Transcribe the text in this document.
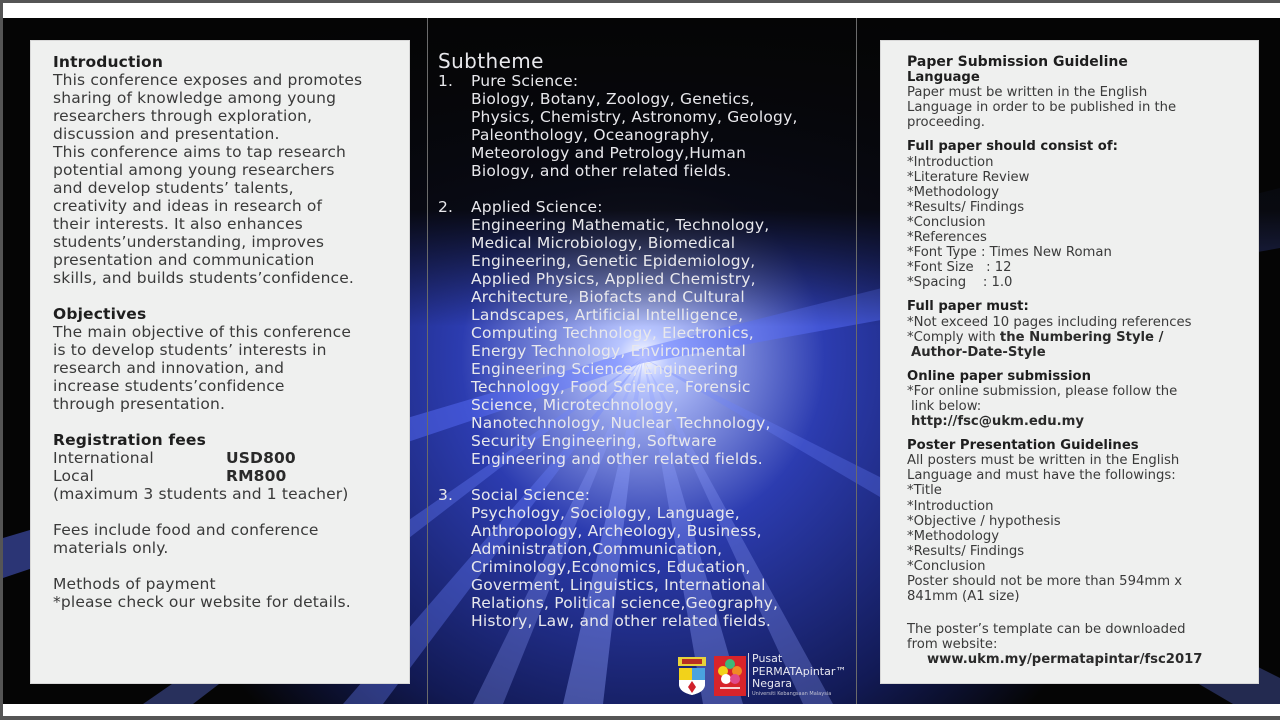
Introduction
This conference exposes and promotes
sharing of knowledge among young
researchers through exploration,
discussion and presentation.
This conference aims to tap research
potential among young researchers
and develop students’ talents,
creativity and ideas in research of
their interests. It also enhances
students’understanding, improves
presentation and communication
skills, and builds students’confidence.
Objectives
The main objective of this conference
is to develop students’ interests in
research and innovation, and
increase students’confidence
through presentation.
Registration fees
International	USD800
Local	RM800
(maximum 3 students and 1 teacher)
Fees include food and conference
materials only.
Methods of payment
*please check our website for details.
Subtheme
1.	Pure Science:
Biology, Botany, Zoology, Genetics,
Physics, Chemistry, Astronomy, Geology,
Paleonthology, Oceanography,
Meteorology and Petrology,Human
Biology, and other related fields.
2.	Applied Science:
Engineering Mathematic, Technology,
Medical Microbiology, Biomedical
Engineering, Genetic Epidemiology,
Applied Physics, Applied Chemistry,
Architecture, Biofacts and Cultural
Landscapes, Artificial Intelligence,
Computing Technology, Electronics,
Energy Technology, Environmental
Engineering Science, Engineering
Technology, Food Science, Forensic
Science, Microtechnology,
Nanotechnology, Nuclear Technology,
Security Engineering, Software
Engineering and other related fields.
3.	Social Science:
Psychology, Sociology, Language,
Anthropology, Archeology, Business,
Administration,Communication,
Criminology,Economics, Education,
Goverment, Linguistics, International
Relations, Political science,Geography,
History, Law, and other related fields.
Pusat
PERMATApintar™
Negara
Universiti Kebangsaan Malaysia
Paper Submission Guideline
Language
Paper must be written in the English
Language in order to be published in the
proceeding.
Full paper should consist of:
*Introduction
*Literature Review
*Methodology
*Results/ Findings
*Conclusion
*References
*Font Type : Times New Roman
*Font Size   : 12
*Spacing    : 1.0
Full paper must:
*Not exceed 10 pages including references
*Comply with the Numbering Style /
Author-Date-Style
Online paper submission
*For online submission, please follow the
link below:
http://fsc@ukm.edu.my
Poster Presentation Guidelines
All posters must be written in the English
Language and must have the followings:
*Title
*Introduction
*Objective / hypothesis
*Methodology
*Results/ Findings
*Conclusion
Poster should not be more than 594mm x
841mm (A1 size)
The poster’s template can be downloaded
from website:
www.ukm.my/permatapintar/fsc2017
